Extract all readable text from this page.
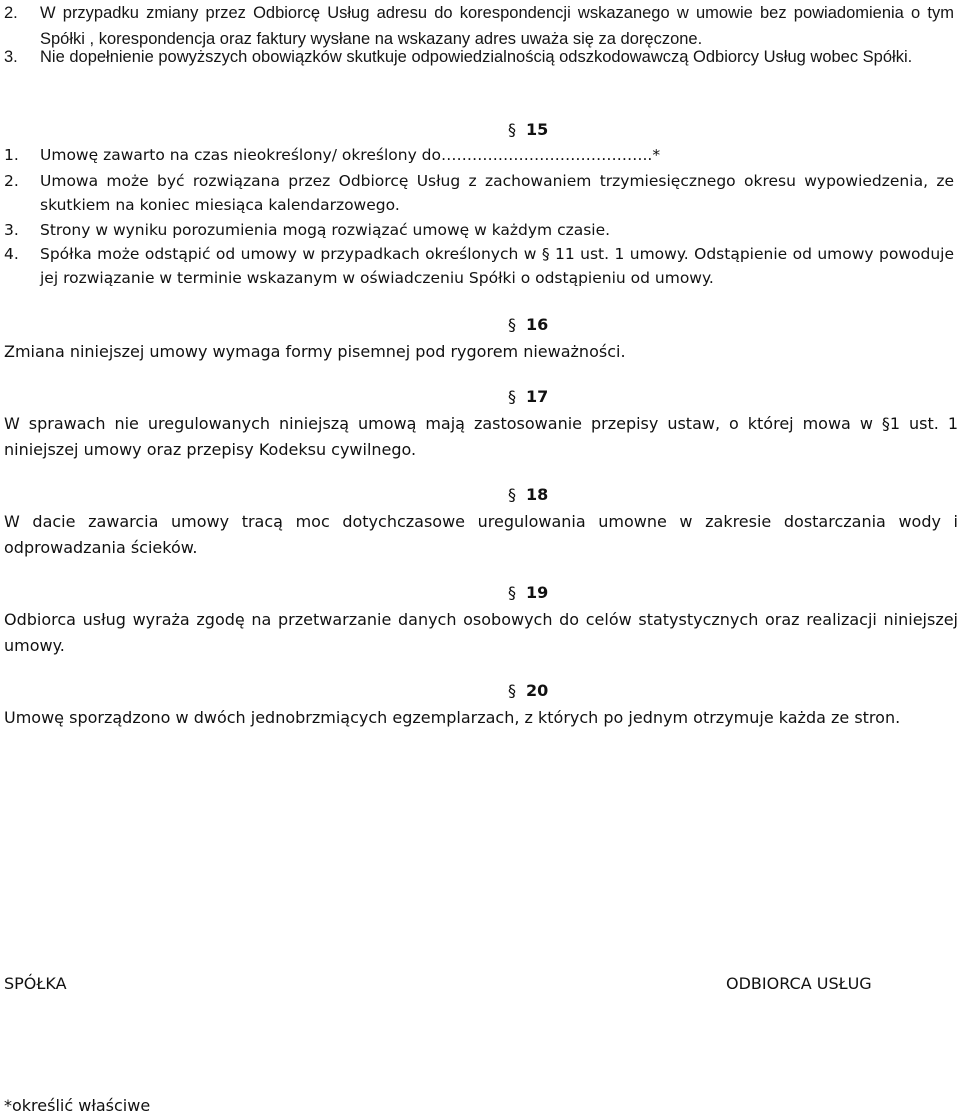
2. W przypadku zmiany przez Odbiorcę Usług adresu do korespondencji wskazanego w umowie bez powiadomienia o tym Spółki , korespondencja oraz faktury wysłane na wskazany adres uważa się za doręczone.
3. Nie dopełnienie powyższych obowiązków skutkuje odpowiedzialnością odszkodowawczą Odbiorcy Usług wobec Spółki.
§ 15
1. Umowę zawarto na czas nieokreślony/ określony do…………………………………..*
2. Umowa może być rozwiązana przez Odbiorcę Usług z zachowaniem trzymiesięcznego okresu wypowiedzenia, ze skutkiem na koniec miesiąca kalendarzowego.
3. Strony w wyniku porozumienia mogą rozwiązać umowę w każdym czasie.
4. Spółka może odstąpić od umowy w przypadkach określonych w § 11 ust. 1 umowy. Odstąpienie od umowy powoduje jej rozwiązanie w terminie wskazanym w oświadczeniu Spółki o odstąpieniu od umowy.
§ 16
Zmiana niniejszej umowy wymaga formy pisemnej pod rygorem nieważności.
§ 17
W sprawach nie uregulowanych niniejszą umową mają zastosowanie przepisy ustaw, o której mowa w §1 ust. 1
niniejszej umowy oraz przepisy Kodeksu cywilnego.
§ 18
W dacie zawarcia umowy tracą moc dotychczasowe uregulowania umowne w zakresie dostarczania wody i
odprowadzania ścieków.
§ 19
Odbiorca usług wyraża zgodę na przetwarzanie danych osobowych do celów statystycznych oraz realizacji niniejszej
umowy.
§ 20
Umowę sporządzono w dwóch jednobrzmiących egzemplarzach, z których po jednym otrzymuje każda ze stron.
SPÓŁKA	ODBIORCA USŁUG
*określić właściwe
